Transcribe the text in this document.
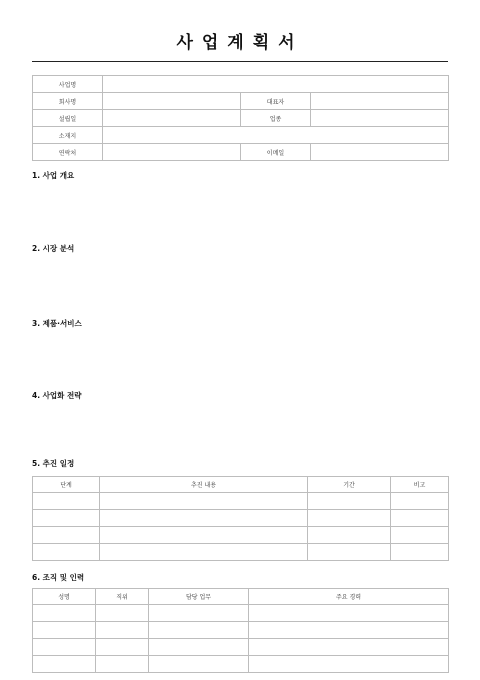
사업계획서
사업명			
회사명		대표자	
설립일		업종	
소재지			
연락처		이메일	
1. 사업 개요
2. 시장 분석
3. 제품·서비스
4. 사업화 전략
5. 추진 일정
단계	추진 내용	기간	비고

6. 조직 및 인력
성명	직위	담당 업무	주요 경력
